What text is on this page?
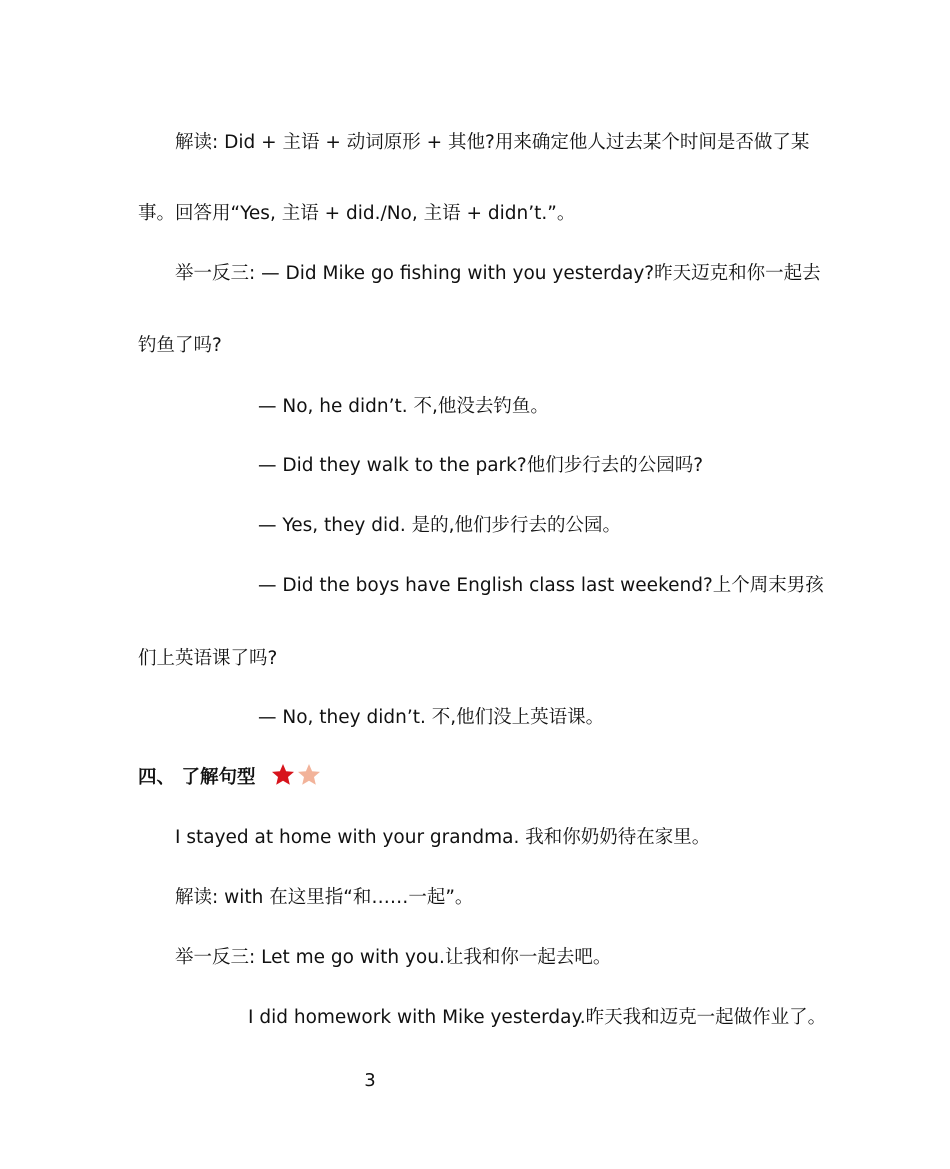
解读: Did + 主语 + 动词原形 + 其他?用来确定他人过去某个时间是否做了某
事。回答用“Yes, 主语 + did./No, 主语 + didn’t.”。
举一反三: — Did Mike go fishing with you yesterday?昨天迈克和你一起去
钓鱼了吗?
— No, he didn’t. 不,他没去钓鱼。
— Did they walk to the park?他们步行去的公园吗?
— Yes, they did. 是的,他们步行去的公园。
— Did the boys have English class last weekend?上个周末男孩
们上英语课了吗?
— No, they didn’t. 不,他们没上英语课。
四、 了解句型
I stayed at home with your grandma. 我和你奶奶待在家里。
解读: with 在这里指“和……一起”。
举一反三: Let me go with you.让我和你一起去吧。
I did homework with Mike yesterday.昨天我和迈克一起做作业了。
3
